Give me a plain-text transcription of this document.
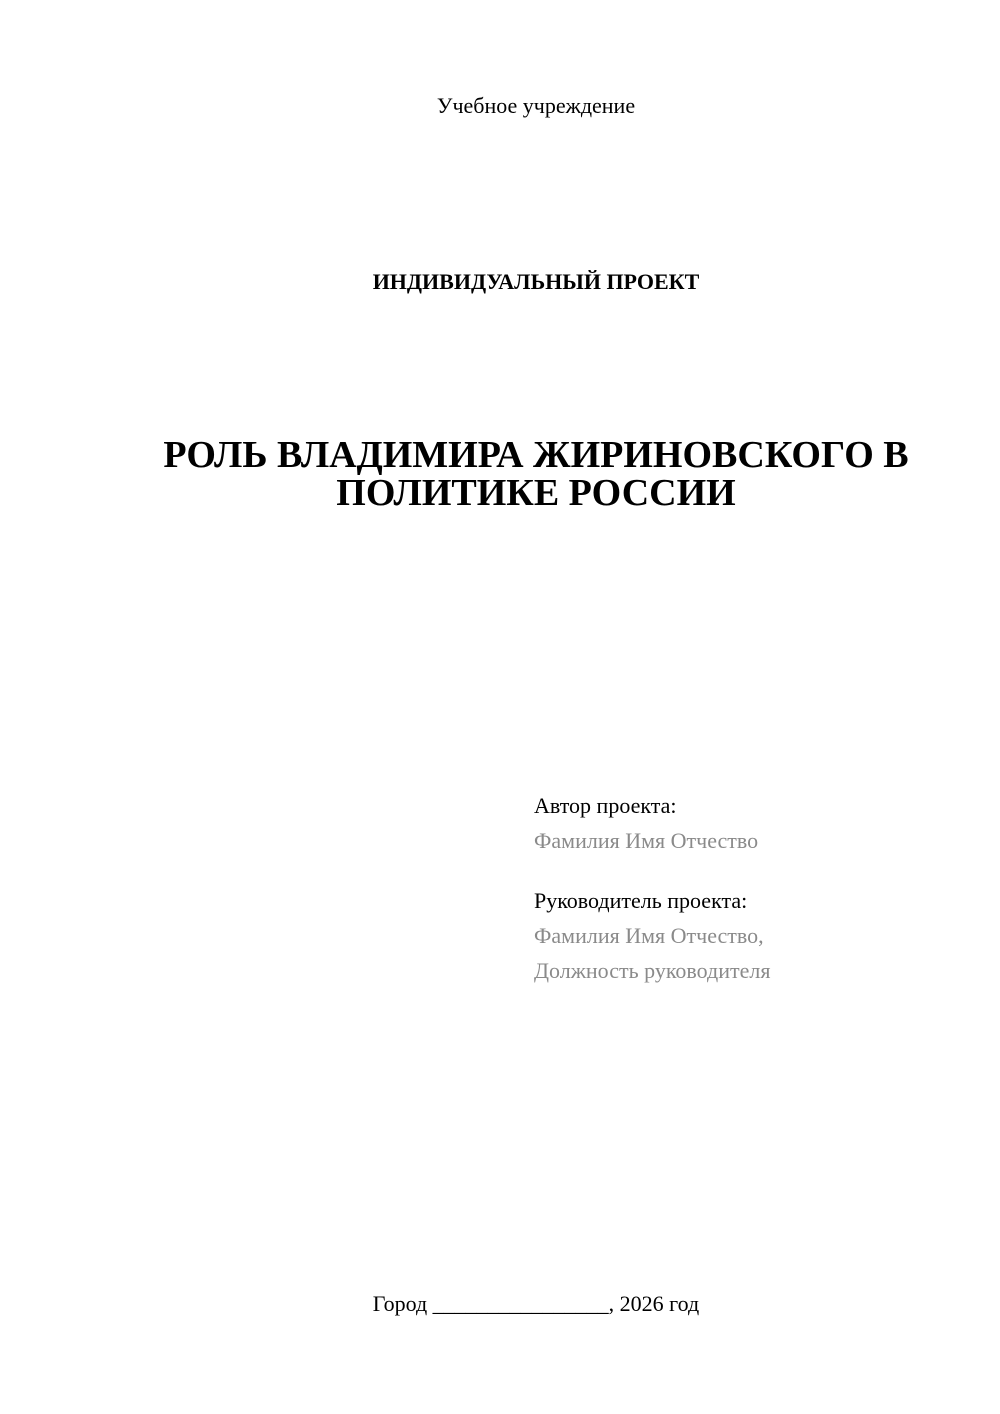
Учебное учреждение
ИНДИВИДУАЛЬНЫЙ ПРОЕКТ
РОЛЬ ВЛАДИМИРА ЖИРИНОВСКОГО В
ПОЛИТИКЕ РОССИИ
Автор проекта:
Фамилия Имя Отчество
Руководитель проекта:
Фамилия Имя Отчество,
Должность руководителя
Город ________________, 2026 год
